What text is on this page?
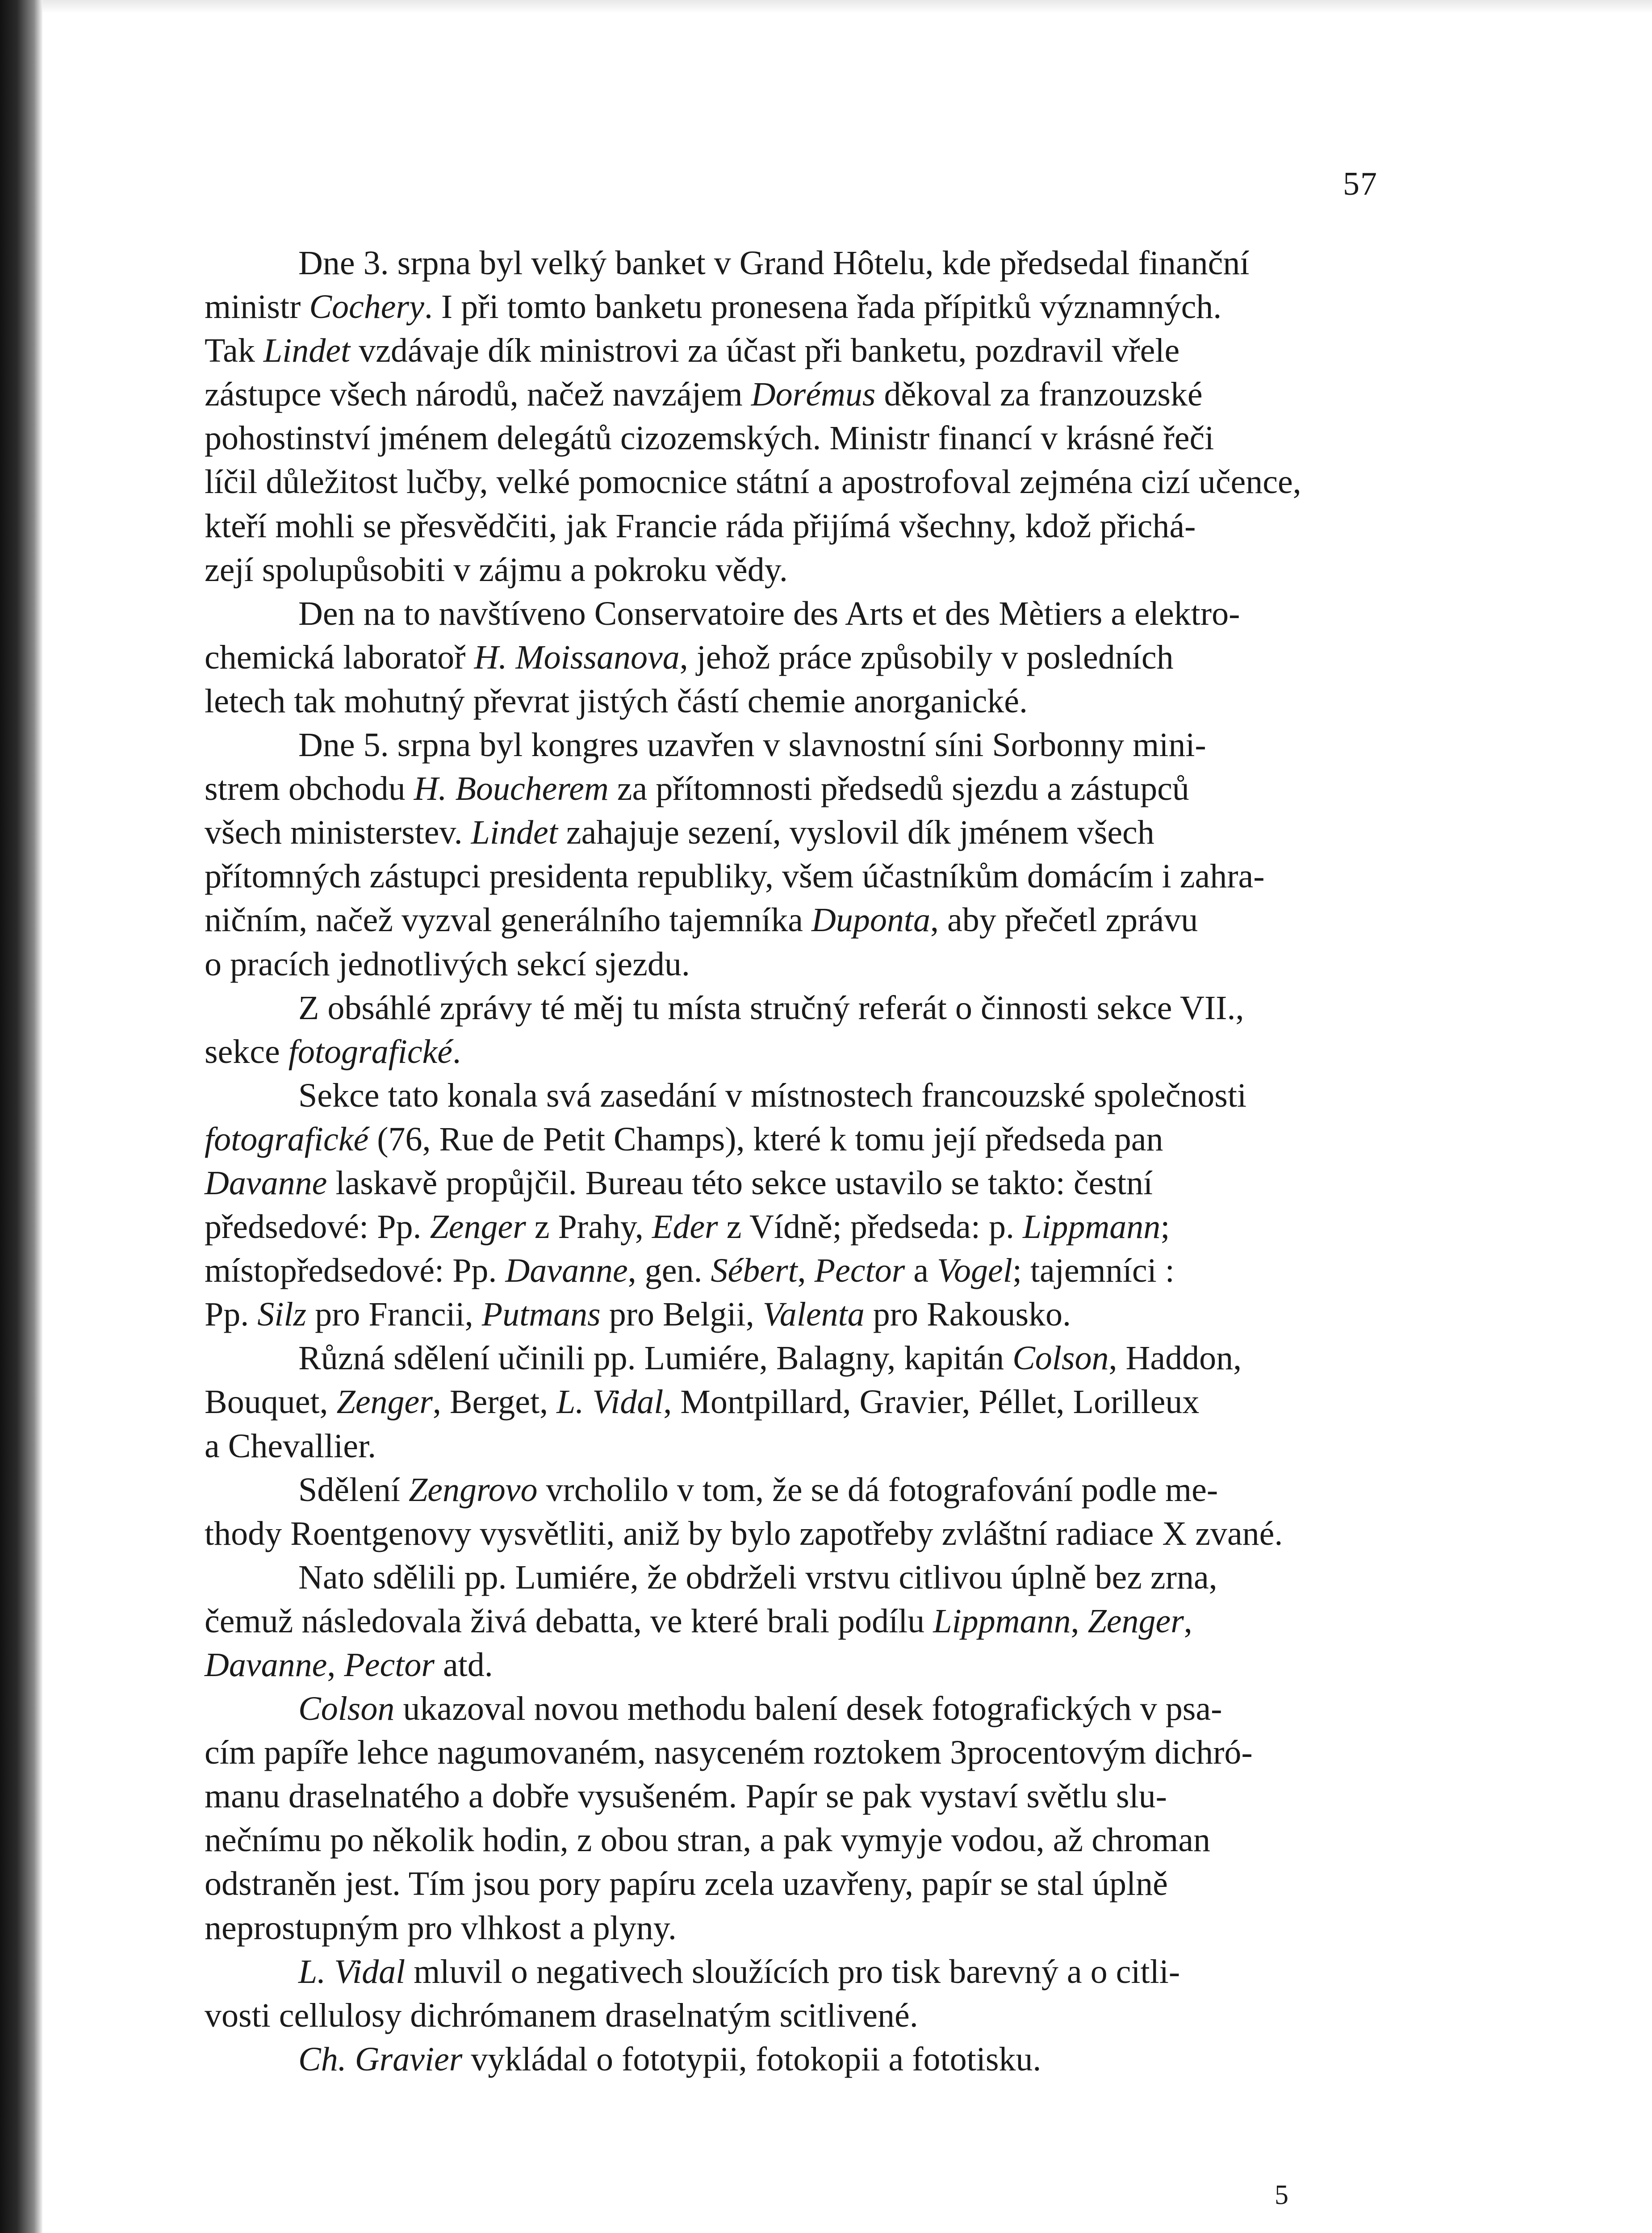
57

Dne 3. srpna byl velký banket v Grand Hôtelu, kde předsedal finanční
ministr Cochery. I při tomto banketu pronesena řada přípitků významných.
Tak Lindet vzdávaje dík ministrovi za účast při banketu, pozdravil vřele
zástupce všech národů, načež navzájem Dorémus děkoval za franzouzské
pohostinství jménem delegátů cizozemských. Ministr financí v krásné řeči
líčil důležitost lučby, velké pomocnice státní a apostrofoval zejména cizí učence,
kteří mohli se přesvědčiti, jak Francie ráda přijímá všechny, kdož přichá-
zejí spolupůsobiti v zájmu a pokroku vědy.

Den na to navštíveno Conservatoire des Arts et des Mètiers a elektro-
chemická laboratoř H. Moissanova, jehož práce způsobily v posledních
letech tak mohutný převrat jistých částí chemie anorganické.

Dne 5. srpna byl kongres uzavřen v slavnostní síni Sorbonny mini-
strem obchodu H. Boucherem za přítomnosti předsedů sjezdu a zástupců
všech ministerstev. Lindet zahajuje sezení, vyslovil dík jménem všech
přítomných zástupci presidenta republiky, všem účastníkům domácím i zahra-
ničním, načež vyzval generálního tajemníka Duponta, aby přečetl zprávu
o pracích jednotlivých sekcí sjezdu.

Z obsáhlé zprávy té měj tu místa stručný referát o činnosti sekce VII.,
sekce fotografické.

Sekce tato konala svá zasedání v místnostech francouzské společnosti
fotografické (76, Rue de Petit Champs), které k tomu její předseda pan
Davanne laskavě propůjčil. Bureau této sekce ustavilo se takto: čestní
předsedové: Pp. Zenger z Prahy, Eder z Vídně; předseda: p. Lippmann;
místopředsedové: Pp. Davanne, gen. Sébert, Pector a Vogel; tajemníci :
Pp. Silz pro Francii, Putmans pro Belgii, Valenta pro Rakousko.

Různá sdělení učinili pp. Lumiére, Balagny, kapitán Colson, Haddon,
Bouquet, Zenger, Berget, L. Vidal, Montpillard, Gravier, Péllet, Lorilleux
a Chevallier.

Sdělení Zengrovo vrcholilo v tom, že se dá fotografování podle me-
thody Roentgenovy vysvětliti, aniž by bylo zapotřeby zvláštní radiace X zvané.

Nato sdělili pp. Lumiére, že obdrželi vrstvu citlivou úplně bez zrna,
čemuž následovala živá debatta, ve které brali podílu Lippmann, Zenger,
Davanne, Pector atd.

Colson ukazoval novou methodu balení desek fotografických v psa-
cím papíře lehce nagumovaném, nasyceném roztokem 3procentovým dichró-
manu draselnatého a dobře vysušeném. Papír se pak vystaví světlu slu-
nečnímu po několik hodin, z obou stran, a pak vymyje vodou, až chroman
odstraněn jest. Tím jsou pory papíru zcela uzavřeny, papír se stal úplně
neprostupným pro vlhkost a plyny.

L. Vidal mluvil o negativech sloužících pro tisk barevný a o citli-
vosti cellulosy dichrómanem draselnatým scitlivené.

Ch. Gravier vykládal o fototypii, fotokopii a fototisku.

5
